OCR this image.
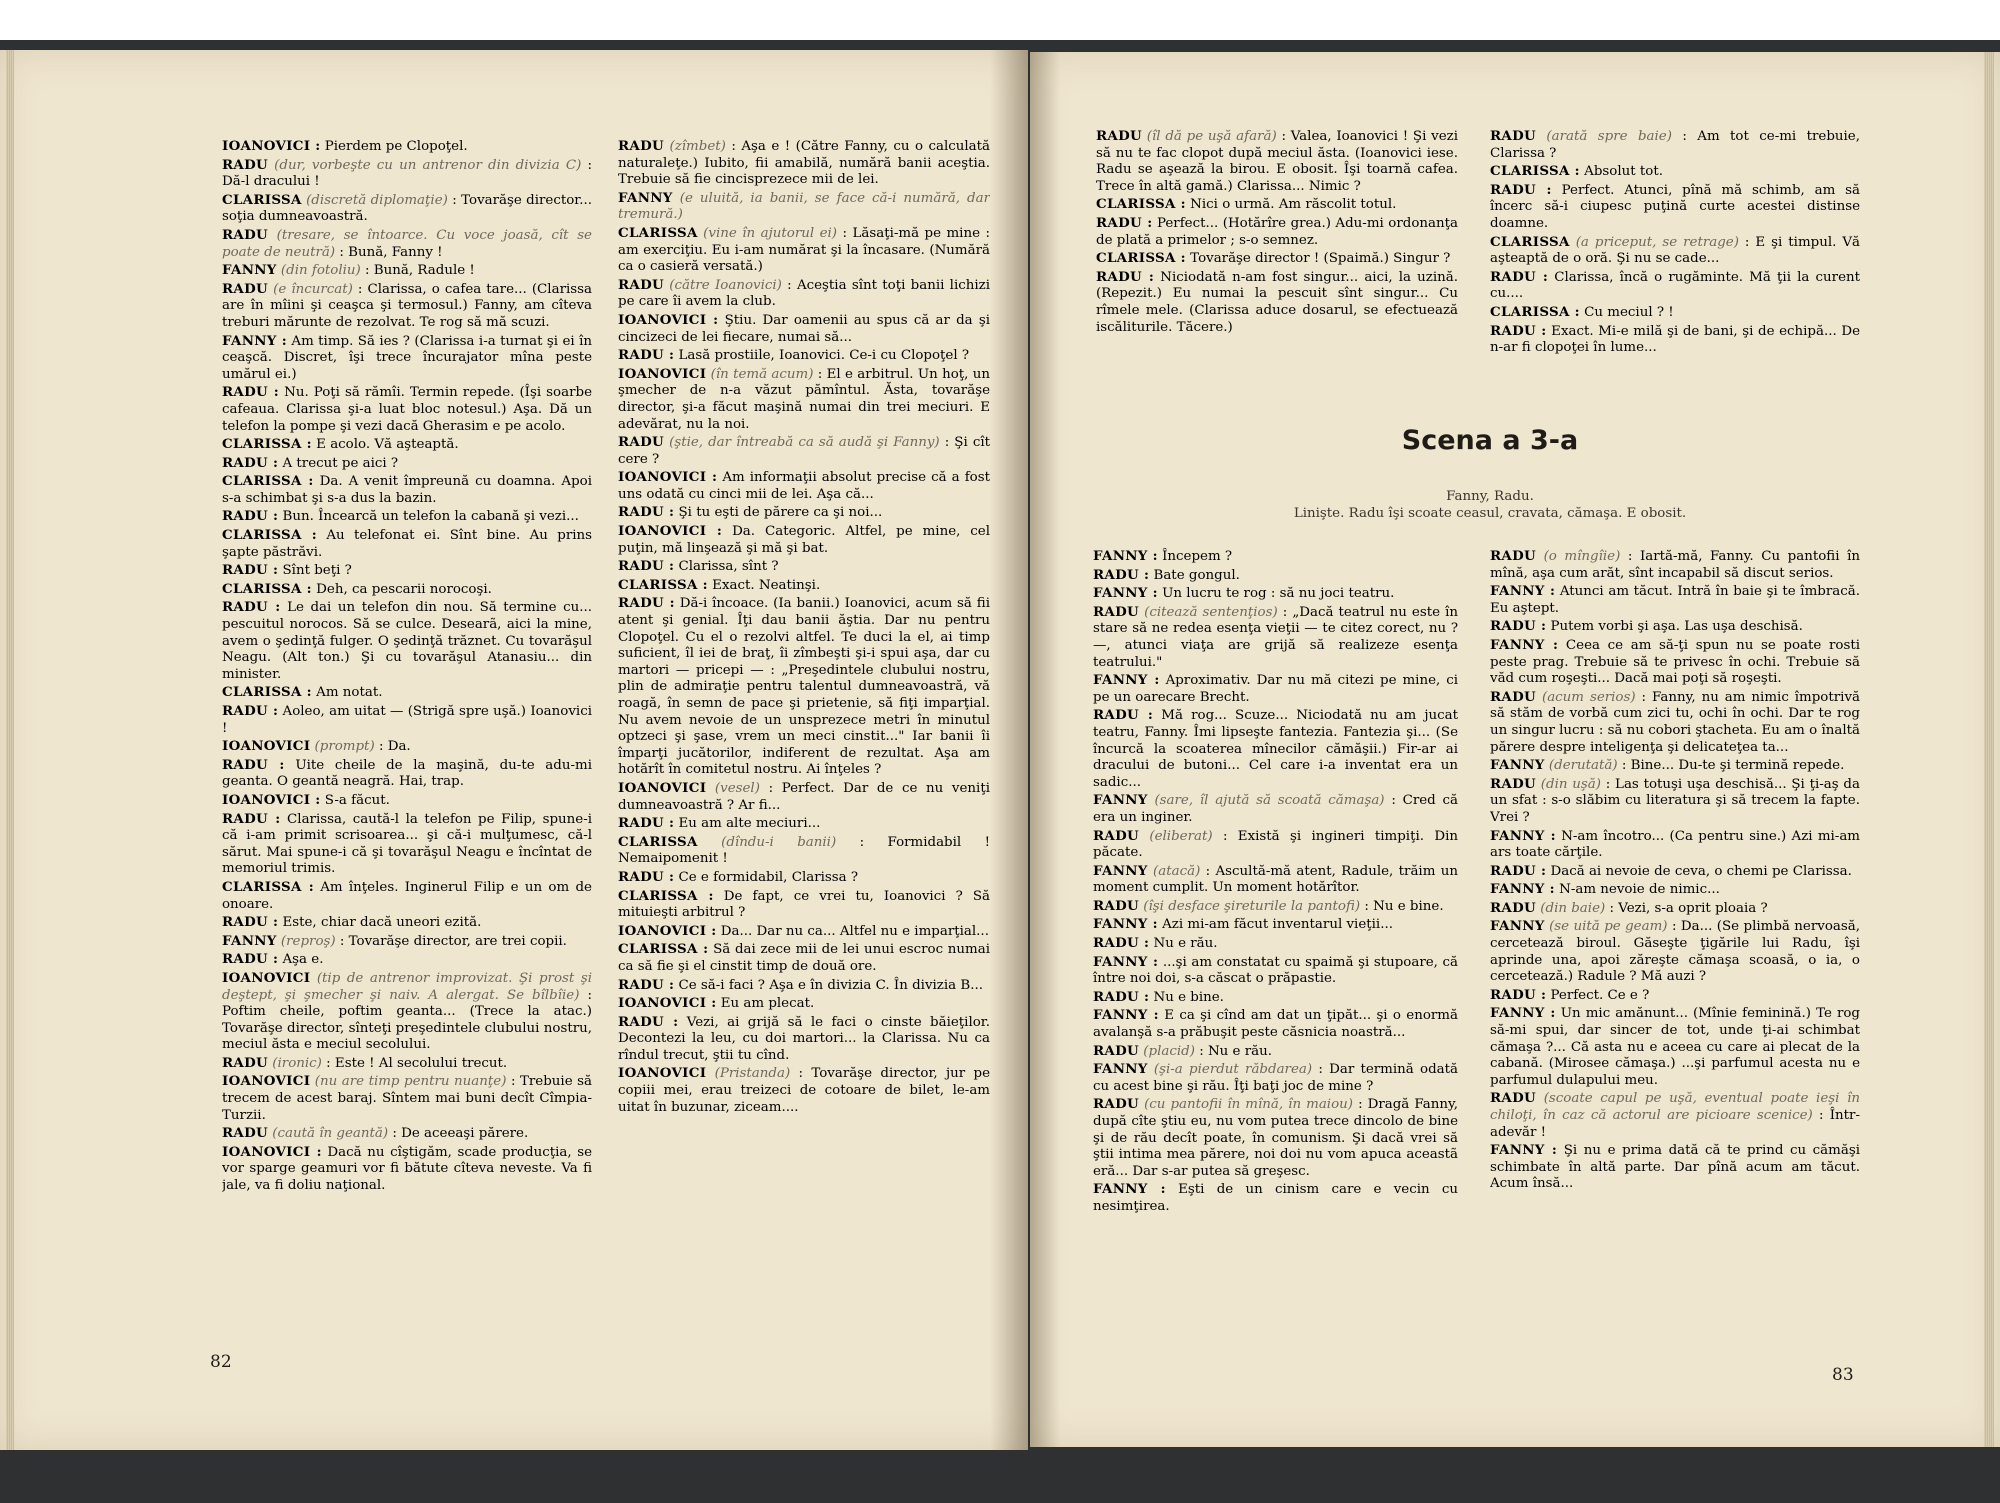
IOANOVICI : Pierdem pe Clopoţel.

RADU (dur, vorbeşte cu un antrenor din divizia C) : Dă-l dracului !

CLARISSA (discretă diplomaţie) : Tovarăşe director... soţia dumneavoastră.

RADU (tresare, se întoarce. Cu voce joasă, cît se poate de neutră) : Bună, Fanny !

FANNY (din fotoliu) : Bună, Radule !

RADU (e încurcat) : Clarissa, o cafea tare... (Clarissa are în mîini şi ceaşca şi termosul.) Fanny, am cîteva treburi mărunte de rezolvat. Te rog să mă scuzi.

FANNY : Am timp. Să ies ? (Clarissa i-a turnat şi ei în ceaşcă. Discret, îşi trece încurajator mîna peste umărul ei.)

RADU : Nu. Poţi să rămîi. Termin repede. (Îşi soarbe cafeaua. Clarissa şi-a luat bloc notesul.) Aşa. Dă un telefon la pompe şi vezi dacă Gherasim e pe acolo.

CLARISSA : E acolo. Vă aşteaptă.

RADU : A trecut pe aici ?

CLARISSA : Da. A venit împreună cu doamna. Apoi s-a schimbat şi s-a dus la bazin.

RADU : Bun. Încearcă un telefon la cabană şi vezi...

CLARISSA : Au telefonat ei. Sînt bine. Au prins şapte păstrăvi.

RADU : Sînt beţi ?

CLARISSA : Deh, ca pescarii norocoşi.

RADU : Le dai un telefon din nou. Să termine cu... pescuitul norocos. Să se culce. Desearã, aici la mine, avem o şedinţă fulger. O şedinţă trăznet. Cu tovarăşul Neagu. (Alt ton.) Şi cu tovarăşul Atanasiu... din minister.

CLARISSA : Am notat.

RADU : Aoleo, am uitat — (Strigă spre uşă.) Ioanovici !

IOANOVICI (prompt) : Da.

RADU : Uite cheile de la maşină, du-te adu-mi geanta. O geantă neagră. Hai, trap.

IOANOVICI : S-a făcut.

RADU : Clarissa, caută-l la telefon pe Filip, spune-i că i-am primit scrisoarea... şi că-i mulţumesc, că-l sărut. Mai spune-i că şi tovarăşul Neagu e încîntat de memoriul trimis.

CLARISSA : Am înţeles. Inginerul Filip e un om de onoare.

RADU : Este, chiar dacă uneori ezită.

FANNY (reproş) : Tovarăşe director, are trei copii.

RADU : Aşa e.

IOANOVICI (tip de antrenor improvizat. Şi prost şi deştept, şi şmecher şi naiv. A alergat. Se bîlbîie) : Poftim cheile, poftim geanta... (Trece la atac.) Tovarăşe director, sînteţi preşedintele clubului nostru, meciul ăsta e meciul secolului.

RADU (ironic) : Este ! Al secolului trecut.

IOANOVICI (nu are timp pentru nuanţe) : Trebuie să trecem de acest baraj. Sîntem mai buni decît Cîmpia-Turzii.

RADU (caută în geantă) : De aceeaşi părere.

IOANOVICI : Dacă nu cîştigăm, scade producţia, se vor sparge geamuri vor fi bătute cîteva neveste. Va fi jale, va fi doliu naţional.

RADU (zîmbet) : Aşa e ! (Către Fanny, cu o calculată naturaleţe.) Iubito, fii amabilă, numără banii aceştia. Trebuie să fie cincisprezece mii de lei.

FANNY (e uluită, ia banii, se face că-i numără, dar tremură.)

CLARISSA (vine în ajutorul ei) : Lăsaţi-mă pe mine : am exerciţiu. Eu i-am numărat şi la încasare. (Numără ca o casieră versată.)

RADU (către Ioanovici) : Aceştia sînt toţi banii lichizi pe care îi avem la club.

IOANOVICI : Ştiu. Dar oamenii au spus că ar da şi cincizeci de lei fiecare, numai să...

RADU : Lasă prostiile, Ioanovici. Ce-i cu Clopoţel ?

IOANOVICI (în temă acum) : El e arbitrul. Un hoţ, un şmecher de n-a văzut pămîntul. Ăsta, tovarăşe director, şi-a făcut maşină numai din trei meciuri. E adevărat, nu la noi.

RADU (ştie, dar întreabă ca să audă şi Fanny) : Şi cît cere ?

IOANOVICI : Am informaţii absolut precise că a fost uns odată cu cinci mii de lei. Aşa că...

RADU : Şi tu eşti de părere ca şi noi...

IOANOVICI : Da. Categoric. Altfel, pe mine, cel puţin, mă linşează şi mă şi bat.

RADU : Clarissa, sînt ?

CLARISSA : Exact. Neatinşi.

RADU : Dă-i încoace. (Ia banii.) Ioanovici, acum să fii atent şi genial. Îţi dau banii ăştia. Dar nu pentru Clopoţel. Cu el o rezolvi altfel. Te duci la el, ai timp suficient, îl iei de braţ, îi zîmbeşti şi-i spui aşa, dar cu martori — pricepi — : „Preşedintele clubului nostru, plin de admiraţie pentru talentul dumneavoastră, vă roagă, în semn de pace şi prietenie, să fiţi imparţial. Nu avem nevoie de un unsprezece metri în minutul optzeci şi şase, vrem un meci cinstit..." Iar banii îi împarţi jucătorilor, indiferent de rezultat. Aşa am hotărît în comitetul nostru. Ai înţeles ?

IOANOVICI (vesel) : Perfect. Dar de ce nu veniţi dumneavoastră ? Ar fi...

RADU : Eu am alte meciuri...

CLARISSA (dîndu-i banii) : Formidabil ! Nemaipomenit !

RADU : Ce e formidabil, Clarissa ?

CLARISSA : De fapt, ce vrei tu, Ioanovici ? Să mituieşti arbitrul ?

IOANOVICI : Da... Dar nu ca... Altfel nu e imparţial...

CLARISSA : Să dai zece mii de lei unui escroc numai ca să fie şi el cinstit timp de două ore.

RADU : Ce să-i faci ? Aşa e în divizia C. În divizia B...

IOANOVICI : Eu am plecat.

RADU : Vezi, ai grijă să le faci o cinste băieţilor. Decontezi la leu, cu doi martori... la Clarissa. Nu ca rîndul trecut, ştii tu cînd.

IOANOVICI (Pristanda) : Tovarăşe director, jur pe copiii mei, erau treizeci de cotoare de bilet, le-am uitat în buzunar, ziceam....

RADU (îl dă pe uşă afară) : Valea, Ioanovici ! Şi vezi să nu te fac clopot după meciul ăsta. (Ioanovici iese. Radu se aşează la birou. E obosit. Îşi toarnă cafea. Trece în altă gamă.) Clarissa... Nimic ?

CLARISSA : Nici o urmă. Am răscolit totul.

RADU : Perfect... (Hotărîre grea.) Adu-mi ordonanţa de plată a primelor ; s-o semnez.

CLARISSA : Tovarăşe director ! (Spaimă.) Singur ?

RADU : Niciodată n-am fost singur... aici, la uzină. (Repezit.) Eu numai la pescuit sînt singur... Cu rîmele mele. (Clarissa aduce dosarul, se efectuează iscăliturile. Tăcere.)

RADU (arată spre baie) : Am tot ce-mi trebuie, Clarissa ?

CLARISSA : Absolut tot.

RADU : Perfect. Atunci, pînă mă schimb, am să încerc să-i ciupesc puţină curte acestei distinse doamne.

CLARISSA (a priceput, se retrage) : E şi timpul. Vă aşteaptă de o oră. Şi nu se cade...

RADU : Clarissa, încă o rugăminte. Mă ţii la curent cu....

CLARISSA : Cu meciul ? !

RADU : Exact. Mi-e milă şi de bani, şi de echipă... De n-ar fi clopoţei în lume...

Scena a 3-a
Fanny, Radu.
Linişte. Radu îşi scoate ceasul, cravata, cămaşa. E obosit.

FANNY : Începem ?

RADU : Bate gongul.

FANNY : Un lucru te rog : să nu joci teatru.

RADU (citează sentenţios) : „Dacă teatrul nu este în stare să ne redea esenţa vieţii — te citez corect, nu ? —, atunci viaţa are grijă să realizeze esenţa teatrului."

FANNY : Aproximativ. Dar nu mă citezi pe mine, ci pe un oarecare Brecht.

RADU : Mă rog... Scuze... Niciodată nu am jucat teatru, Fanny. Îmi lipseşte fantezia. Fantezia şi... (Se încurcă la scoaterea mînecilor cămăşii.) Fir-ar ai dracului de butoni... Cel care i-a inventat era un sadic...

FANNY (sare, îl ajută să scoată cămaşa) : Cred că era un inginer.

RADU (eliberat) : Există şi ingineri timpiţi. Din păcate.

FANNY (atacă) : Ascultă-mă atent, Radule, trăim un moment cumplit. Un moment hotărîtor.

RADU (îşi desface şireturile la pantofi) : Nu e bine.

FANNY : Azi mi-am făcut inventarul vieţii...

RADU : Nu e rău.

FANNY : ...şi am constatat cu spaimă şi stupoare, că între noi doi, s-a căscat o prăpastie.

RADU : Nu e bine.

FANNY : E ca şi cînd am dat un ţipăt... şi o enormă avalanşă s-a prăbuşit peste căsnicia noastră...

RADU (placid) : Nu e rău.

FANNY (şi-a pierdut răbdarea) : Dar termină odată cu acest bine şi rău. Îţi baţi joc de mine ?

RADU (cu pantofii în mînă, în maiou) : Dragă Fanny, după cîte ştiu eu, nu vom putea trece dincolo de bine şi de rău decît poate, în comunism. Şi dacă vrei să ştii intima mea părere, noi doi nu vom apuca aceastã eră... Dar s-ar putea să greşesc.

FANNY : Eşti de un cinism care e vecin cu nesimţirea.

RADU (o mîngîie) : Iartă-mă, Fanny. Cu pantofii în mînă, aşa cum arăt, sînt incapabil să discut serios.

FANNY : Atunci am tăcut. Intră în baie şi te îmbracă. Eu aştept.

RADU : Putem vorbi şi aşa. Las uşa deschisă.

FANNY : Ceea ce am să-ţi spun nu se poate rosti peste prag. Trebuie să te privesc în ochi. Trebuie să văd cum roşeşti... Dacă mai poţi să roşeşti.

RADU (acum serios) : Fanny, nu am nimic împotrivă să stăm de vorbă cum zici tu, ochi în ochi. Dar te rog un singur lucru : să nu cobori ştacheta. Eu am o înaltă părere despre inteligenţa şi delicateţea ta...

FANNY (derutată) : Bine... Du-te şi termină repede.

RADU (din uşă) : Las totuşi uşa deschisă... Şi ţi-aş da un sfat : s-o slăbim cu literatura şi să trecem la fapte. Vrei ?

FANNY : N-am încotro... (Ca pentru sine.) Azi mi-am ars toate cărţile.

RADU : Dacă ai nevoie de ceva, o chemi pe Clarissa.

FANNY : N-am nevoie de nimic...

RADU (din baie) : Vezi, s-a oprit ploaia ?

FANNY (se uită pe geam) : Da... (Se plimbă nervoasă, cercetează biroul. Găseşte ţigările lui Radu, îşi aprinde una, apoi zăreşte cămaşa scoasă, o ia, o cercetează.) Radule ? Mă auzi ?

RADU : Perfect. Ce e ?

FANNY : Un mic amănunt... (Mînie feminină.) Te rog să-mi spui, dar sincer de tot, unde ţi-ai schimbat cămaşa ?... Că asta nu e aceea cu care ai plecat de la cabană. (Mirosee cămaşa.) ...şi parfumul acesta nu e parfumul dulapului meu.

RADU (scoate capul pe uşă, eventual poate ieşi în chiloţi, în caz că actorul are picioare scenice) : Într-adevăr !

FANNY : Şi nu e prima dată că te prind cu cămăşi schimbate în altă parte. Dar pînă acum am tăcut. Acum însă...

82
83
